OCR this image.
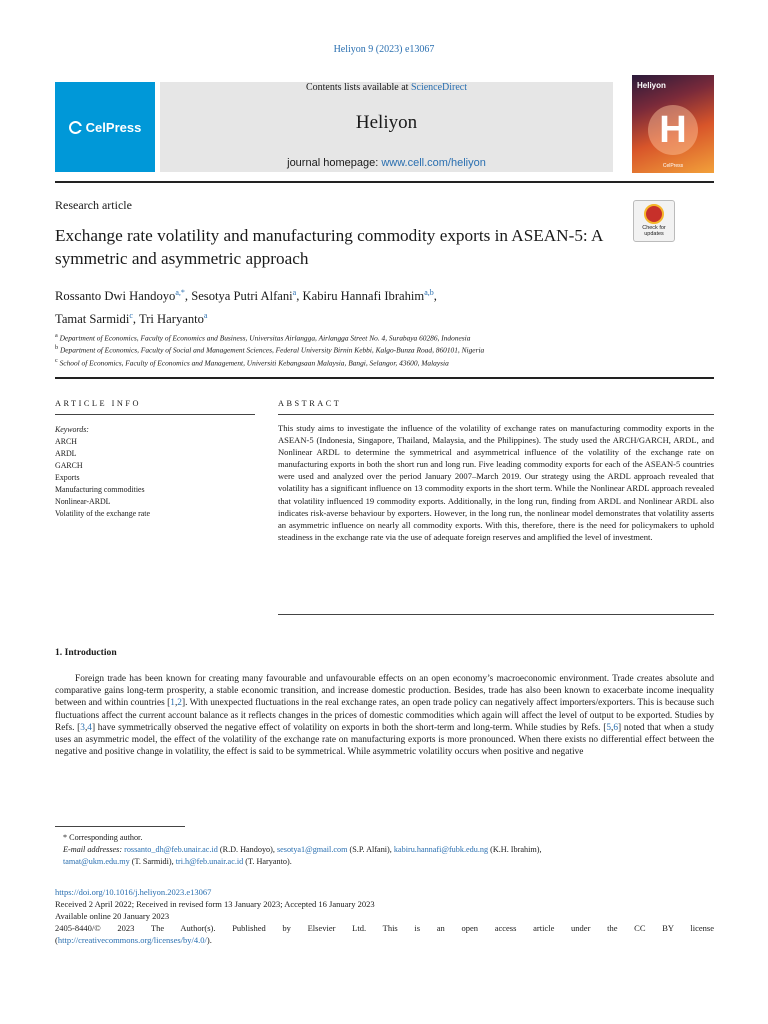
Heliyon 9 (2023) e13067
CelPress
Contents lists available at ScienceDirect
Heliyon
journal homepage: www.cell.com/heliyon
Heliyon
H
CelPress
Research article
Check for updates
Exchange rate volatility and manufacturing commodity exports in ASEAN-5: A symmetric and asymmetric approach
Rossanto Dwi Handoyo$^{a,*}$, Sesotya Putri Alfani$^a$, Kabiru Hannafi Ibrahim$^{a,b}$,
Tamat Sarmidi$^c$, Tri Haryanto$^a$
$^a$ Department of Economics, Faculty of Economics and Business, Universitas Airlangga, Airlangga Street No. 4, Surabaya 60286, Indonesia
$^b$ Department of Economics, Faculty of Social and Management Sciences, Federal University Birnin Kebbi, Kalgo-Bunza Road, 860101, Nigeria
$^c$ School of Economics, Faculty of Economics and Management, Universiti Kebangsaan Malaysia, Bangi, Selangor, 43600, Malaysia
ARTICLE INFO
Keywords:
ARCH
ARDL
GARCH
Exports
Manufacturing commodities
Nonlinear-ARDL
Volatility of the exchange rate
ABSTRACT
This study aims to investigate the influence of the volatility of exchange rates on manufacturing commodity exports in the ASEAN-5 (Indonesia, Singapore, Thailand, Malaysia, and the Philippines). The study used the ARCH/GARCH, ARDL, and Nonlinear ARDL to determine the symmetrical and asymmetrical influence of the volatility of the exchange rate on manufacturing exports in both the short run and long run. Five leading commodity exports for each of the ASEAN-5 countries were used and analyzed over the period January 2007–March 2019. Our strategy using the ARDL approach revealed that volatility has a significant influence on 13 commodity exports in the short term. While the Nonlinear ARDL approach revealed that volatility influenced 19 commodity exports. Additionally, in the long run, finding from ARDL and Nonlinear ARDL also indicates risk-averse behaviour by exporters. However, in the long run, the nonlinear model demonstrates that volatility asserts an asymmetric influence on nearly all commodity exports. With this, therefore, there is the need for policymakers to uphold steadiness in the exchange rate via the use of adequate foreign reserves and amplified the level of investment.
1. Introduction
Foreign trade has been known for creating many favourable and unfavourable effects on an open economy’s macroeconomic environment. Trade creates absolute and comparative gains long-term prosperity, a stable economic transition, and increase domestic production. Besides, trade has also been known to exacerbate income inequality between and within countries [1,2]. With unexpected fluctuations in the real exchange rates, an open trade policy can negatively affect importers/exporters. This is because such fluctuations affect the current account balance as it reflects changes in the prices of domestic commodities which again will affect the level of output to be exported. Studies by Refs. [3,4] have symmetrically observed the negative effect of volatility on exports in both the short-term and long-term. While studies by Refs. [5,6] noted that when a study uses an asymmetric model, the effect of the volatility of the exchange rate on manufacturing exports is more pronounced. When there exists no differential effect between the negative and positive change in volatility, the effect is said to be symmetrical. While asymmetric volatility occurs when positive and negative
* Corresponding author.
E-mail addresses: rossanto_dh@feb.unair.ac.id (R.D. Handoyo), sesotya1@gmail.com (S.P. Alfani), kabiru.hannafi@fubk.edu.ng (K.H. Ibrahim),
tamat@ukm.edu.my (T. Sarmidi), tri.h@feb.unair.ac.id (T. Haryanto).
https://doi.org/10.1016/j.heliyon.2023.e13067
Received 2 April 2022; Received in revised form 13 January 2023; Accepted 16 January 2023
Available online 20 January 2023
2405-8440/© 2023 The Author(s). Published by Elsevier Ltd. This is an open access article under the CC BY license
(http://creativecommons.org/licenses/by/4.0/).
